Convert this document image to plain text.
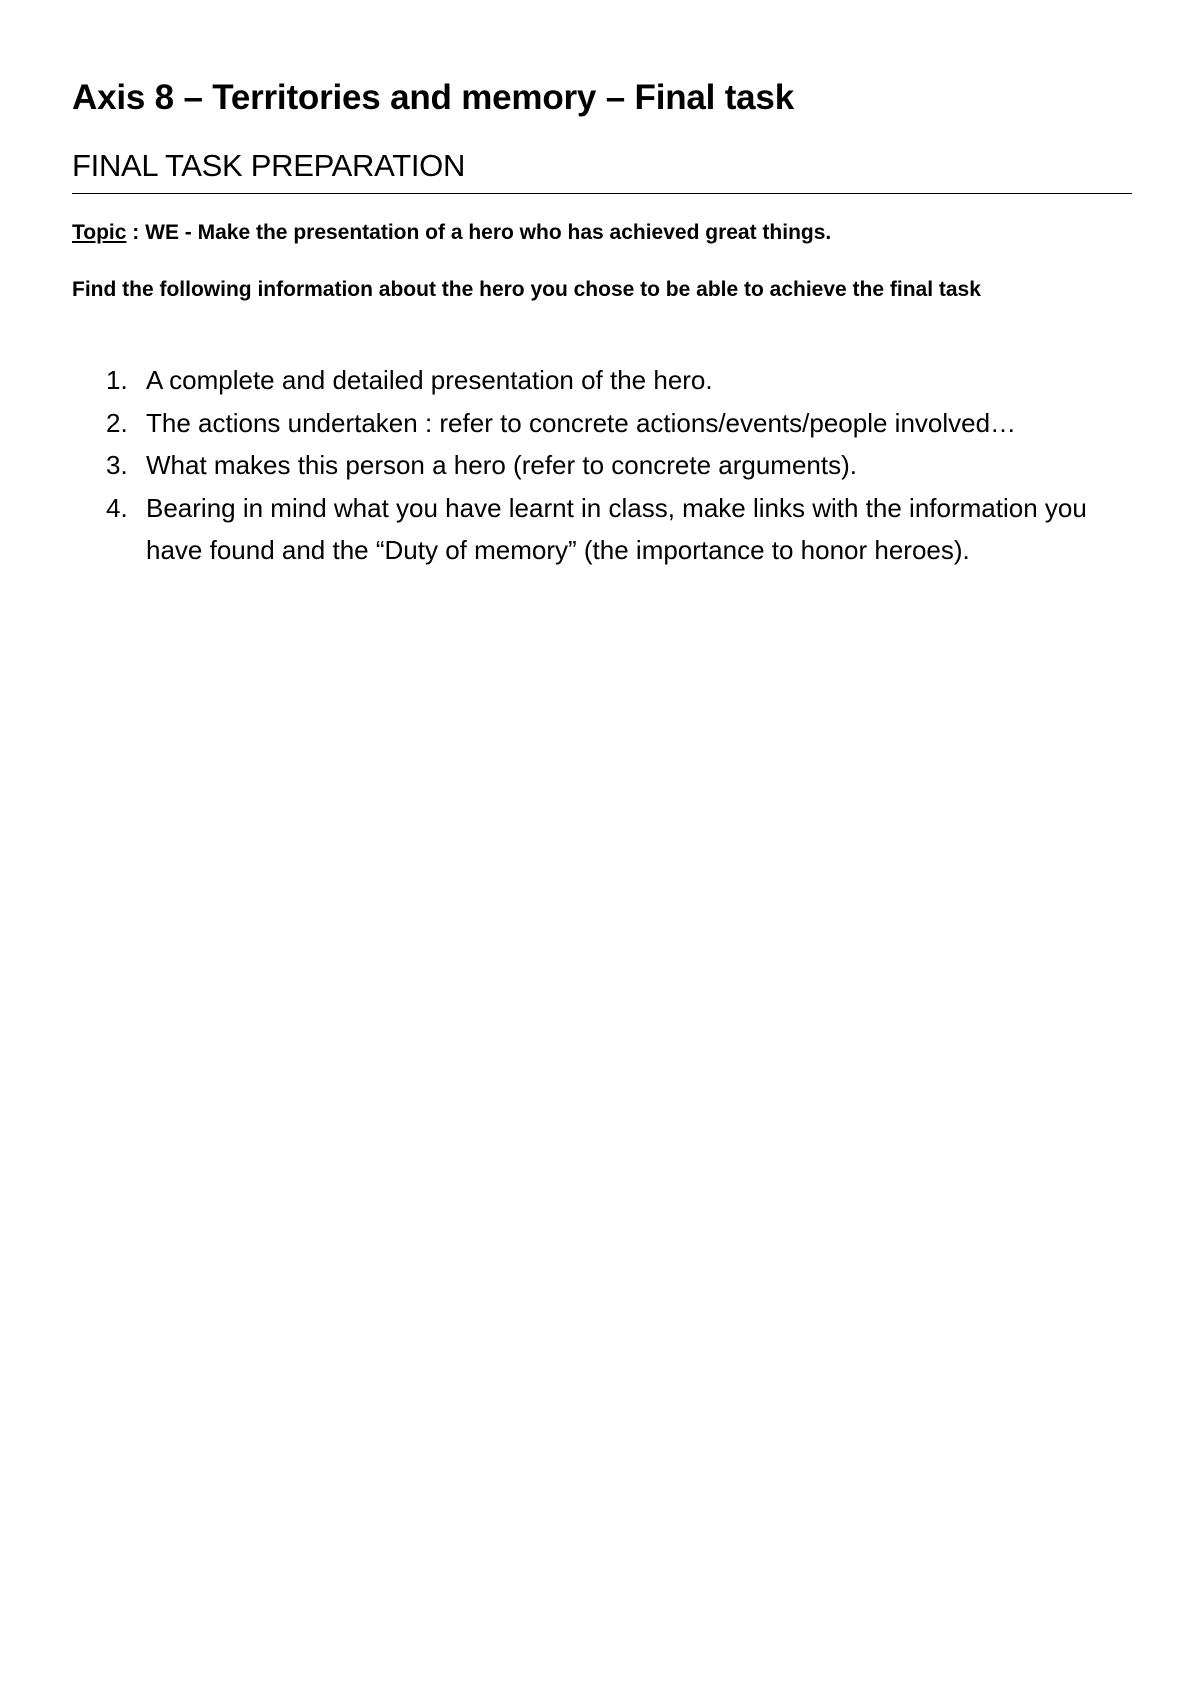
Axis 8 – Territories and memory – Final task
FINAL TASK PREPARATION

Topic : WE - Make the presentation of a hero who has achieved great things.

Find the following information about the hero you chose to be able to achieve the final task

1. A complete and detailed presentation of the hero.
2. The actions undertaken : refer to concrete actions/events/people involved…
3. What makes this person a hero (refer to concrete arguments).
4. Bearing in mind what you have learnt in class, make links with the information you have found and the “Duty of memory” (the importance to honor heroes).
